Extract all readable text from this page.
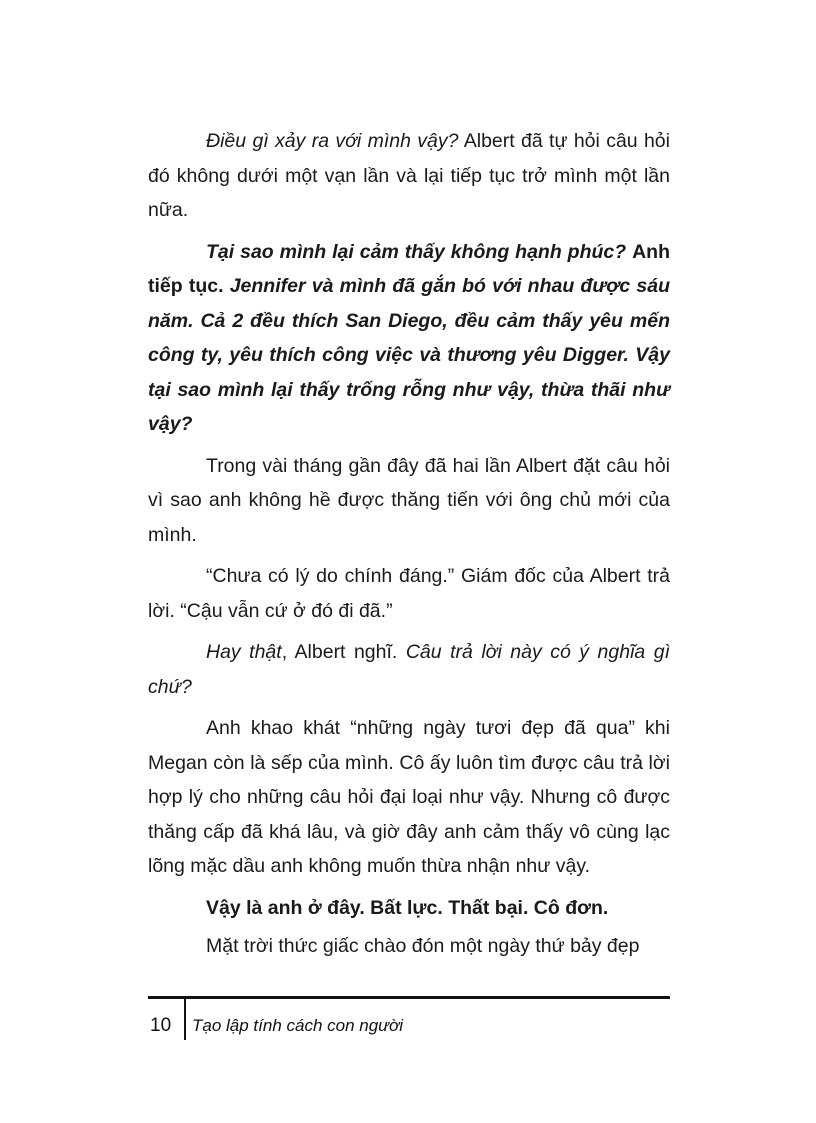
Điều gì xảy ra với mình vậy? Albert đã tự hỏi câu hỏi đó không dưới một vạn lần và lại tiếp tục trở mình một lần nữa.

Tại sao mình lại cảm thấy không hạnh phúc? Anh tiếp tục. Jennifer và mình đã gắn bó với nhau được sáu năm. Cả 2 đều thích San Diego, đều cảm thấy yêu mến công ty, yêu thích công việc và thương yêu Digger. Vậy tại sao mình lại thấy trống rỗng như vậy, thừa thãi như vậy?

Trong vài tháng gần đây đã hai lần Albert đặt câu hỏi vì sao anh không hề được thăng tiến với ông chủ mới của mình.

“Chưa có lý do chính đáng.” Giám đốc của Albert trả lời. “Cậu vẫn cứ ở đó đi đã.”

Hay thật, Albert nghĩ. Câu trả lời này có ý nghĩa gì chứ?

Anh khao khát “những ngày tươi đẹp đã qua” khi Megan còn là sếp của mình. Cô ấy luôn tìm được câu trả lời hợp lý cho những câu hỏi đại loại như vậy. Nhưng cô được thăng cấp đã khá lâu, và giờ đây anh cảm thấy vô cùng lạc lõng mặc dầu anh không muốn thừa nhận như vậy.

Vậy là anh ở đây. Bất lực. Thất bại. Cô đơn.

Mặt trời thức giấc chào đón một ngày thứ bảy đẹp

10 Tạo lập tính cách con người
